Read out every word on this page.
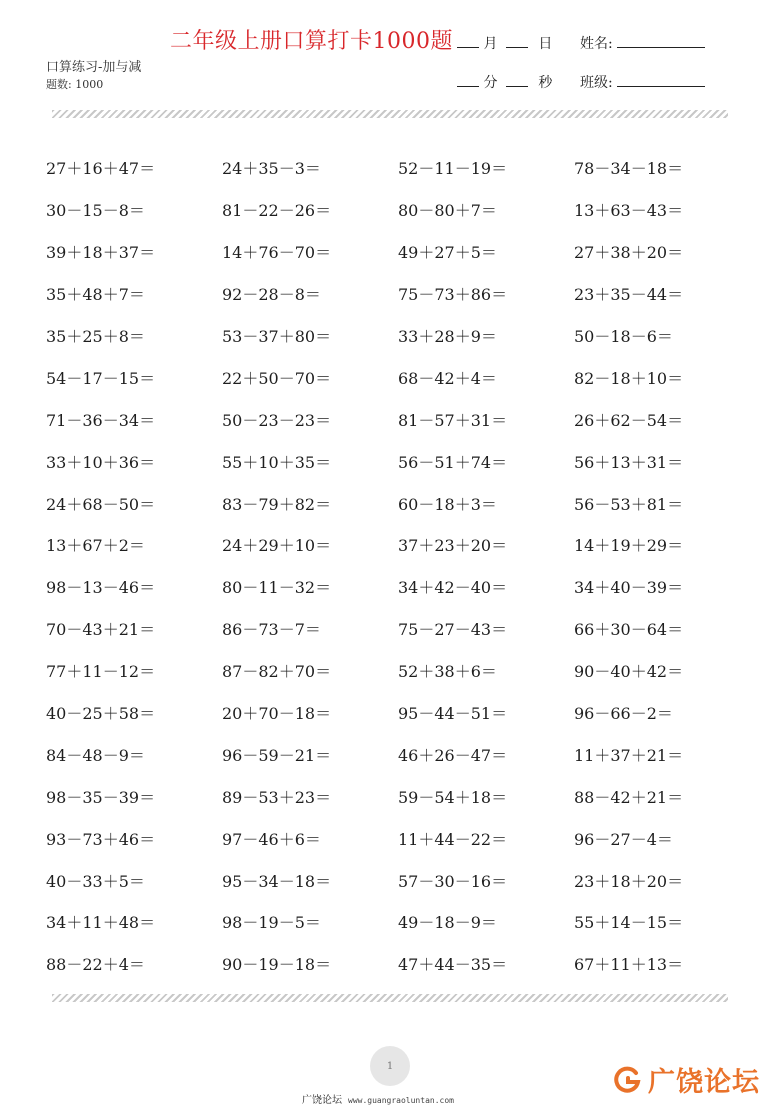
二年级上册口算打卡1000题
口算练习-加与减
题数: 1000
月	日 姓名:
分	秒 班级:
27＋16＋47＝	24＋35－3＝	52－11－19＝	78－34－18＝
30－15－8＝	81－22－26＝	80－80＋7＝	13＋63－43＝
39＋18＋37＝	14＋76－70＝	49＋27＋5＝	27＋38＋20＝
35＋48＋7＝	92－28－8＝	75－73＋86＝	23＋35－44＝
35＋25＋8＝	53－37＋80＝	33＋28＋9＝	50－18－6＝
54－17－15＝	22＋50－70＝	68－42＋4＝	82－18＋10＝
71－36－34＝	50－23－23＝	81－57＋31＝	26＋62－54＝
33＋10＋36＝	55＋10＋35＝	56－51＋74＝	56＋13＋31＝
24＋68－50＝	83－79＋82＝	60－18＋3＝	56－53＋81＝
13＋67＋2＝	24＋29＋10＝	37＋23＋20＝	14＋19＋29＝
98－13－46＝	80－11－32＝	34＋42－40＝	34＋40－39＝
70－43＋21＝	86－73－7＝	75－27－43＝	66＋30－64＝
77＋11－12＝	87－82＋70＝	52＋38＋6＝	90－40＋42＝
40－25＋58＝	20＋70－18＝	95－44－51＝	96－66－2＝
84－48－9＝	96－59－21＝	46＋26－47＝	11＋37＋21＝
98－35－39＝	89－53＋23＝	59－54＋18＝	88－42＋21＝
93－73＋46＝	97－46＋6＝	11＋44－22＝	96－27－4＝
40－33＋5＝	95－34－18＝	57－30－16＝	23＋18＋20＝
34＋11＋48＝	98－19－5＝	49－18－9＝	55＋14－15＝
88－22＋4＝	90－19－18＝	47＋44－35＝	67＋11＋13＝
1
广饶论坛 www.guangraoluntan.com
广饶论坛
